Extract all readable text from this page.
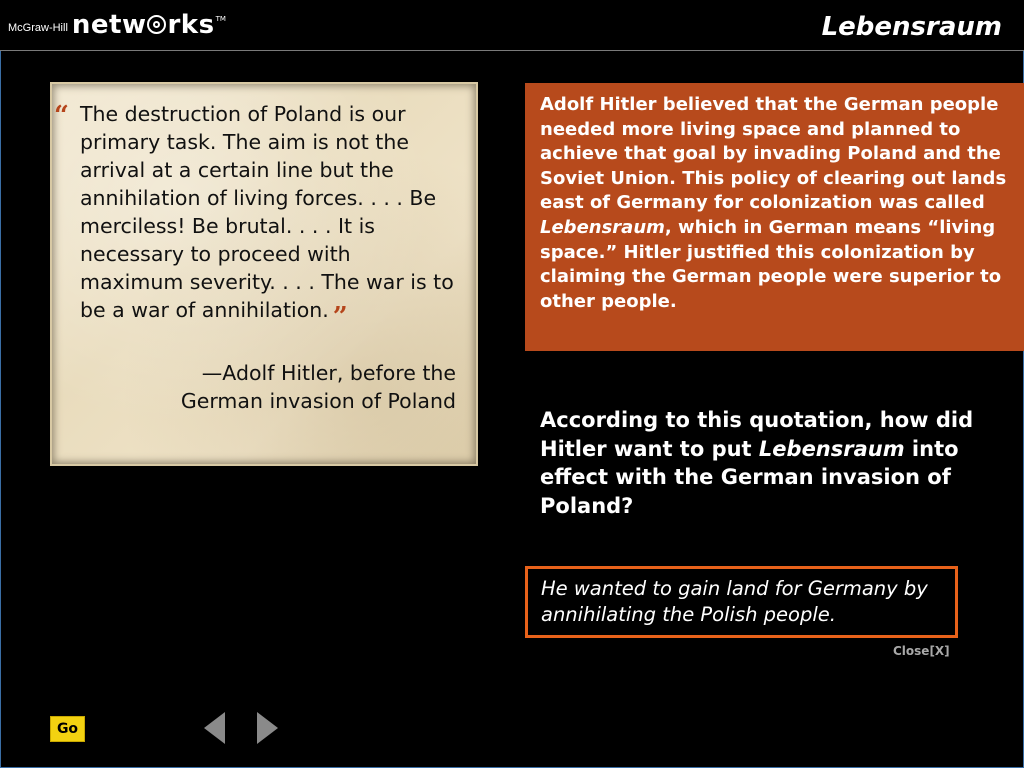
McGraw-Hill netw rks TM	Lebensraum

“ The destruction of Poland is our primary task. The aim is not the arrival at a certain line but the annihilation of living forces. . . . Be merciless! Be brutal. . . . It is necessary to proceed with maximum severity. . . . The war is to be a war of annihilation. ”

—Adolf Hitler, before the
German invasion of Poland
Adolf Hitler believed that the German people needed more living space and planned to achieve that goal by invading Poland and the Soviet Union. This policy of clearing out lands east of Germany for colonization was called Lebensraum, which in German means “living space.” Hitler justified this colonization by claiming the German people were superior to other people.
According to this quotation, how did Hitler want to put Lebensraum into effect with the German invasion of Poland?
He wanted to gain land for Germany by annihilating the Polish people.
Close[X]
Go
